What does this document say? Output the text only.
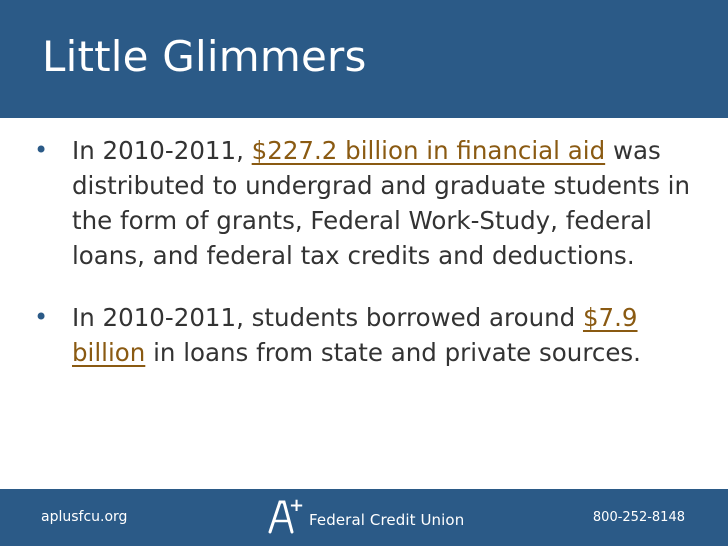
Little Glimmers
• In 2010-2011, $227.2 billion in financial aid was distributed to undergrad and graduate students in the form of grants, Federal Work-Study, federal loans, and federal tax credits and deductions.
• In 2010-2011, students borrowed around $7.9 billion in loans from state and private sources.
aplusfcu.org
+
Federal Credit Union	800-252-8148
